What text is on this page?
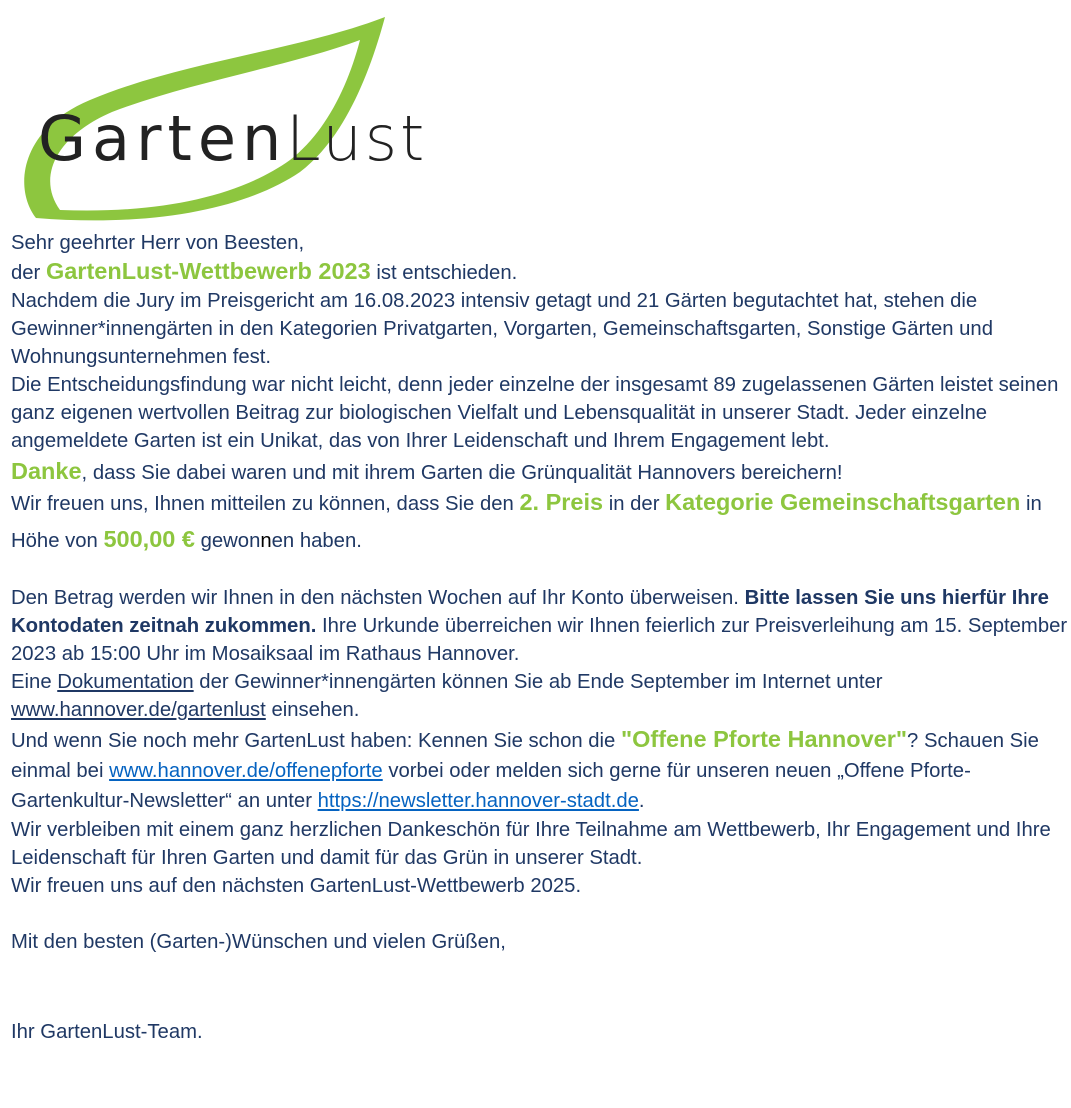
Garten
Lust

Sehr geehrter Herr von Beesten,

der GartenLust-Wettbewerb 2023 ist entschieden.

Nachdem die Jury im Preisgericht am 16.08.2023 intensiv getagt und 21 Gärten begutachtet hat, stehen die Gewinner*innengärten in den Kategorien Privatgarten, Vorgarten, Gemeinschaftsgarten, Sonstige Gärten und Wohnungsunternehmen fest.

Die Entscheidungsfindung war nicht leicht, denn jeder einzelne der insgesamt 89 zugelassenen Gärten leistet seinen ganz eigenen wertvollen Beitrag zur biologischen Vielfalt und Lebensqualität in unserer Stadt. Jeder einzelne angemeldete Garten ist ein Unikat, das von Ihrer Leidenschaft und Ihrem Engagement lebt.

Danke, dass Sie dabei waren und mit ihrem Garten die Grünqualität Hannovers bereichern!

Wir freuen uns, Ihnen mitteilen zu können, dass Sie den 2. Preis in der Kategorie Gemeinschaftsgarten in Höhe von 500,00 € gewonnen haben.

Den Betrag werden wir Ihnen in den nächsten Wochen auf Ihr Konto überweisen. Bitte lassen Sie uns hierfür Ihre Kontodaten zeitnah zukommen. Ihre Urkunde überreichen wir Ihnen feierlich zur Preisverleihung am 15. September 2023 ab 15:00 Uhr im Mosaiksaal im Rathaus Hannover.

Eine Dokumentation der Gewinner*innengärten können Sie ab Ende September im Internet unter www.hannover.de/gartenlust einsehen.

Und wenn Sie noch mehr GartenLust haben: Kennen Sie schon die "Offene Pforte Hannover"? Schauen Sie einmal bei www.hannover.de/offenepforte vorbei oder melden sich gerne für unseren neuen „Offene Pforte-Gartenkultur-Newsletter“ an unter https://newsletter.hannover-stadt.de.

Wir verbleiben mit einem ganz herzlichen Dankeschön für Ihre Teilnahme am Wettbewerb, Ihr Engagement und Ihre Leidenschaft für Ihren Garten und damit für das Grün in unserer Stadt.

Wir freuen uns auf den nächsten GartenLust-Wettbewerb 2025.

Mit den besten (Garten-)Wünschen und vielen Grüßen,

Ihr GartenLust-Team.
